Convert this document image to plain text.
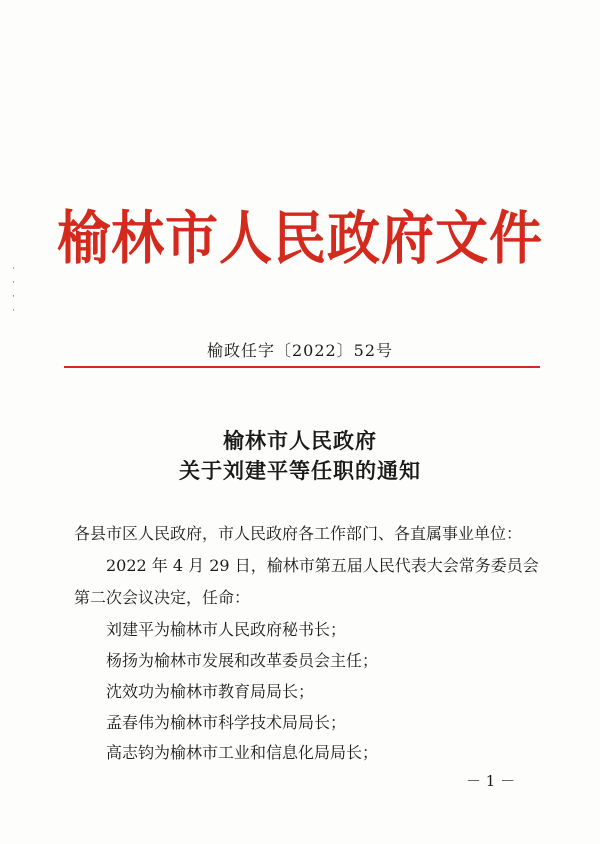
·
·
·
·
榆林市人民政府文件
榆政任字〔2022〕52号
榆林市人民政府
关于刘建平等任职的通知
各县市区人民政府，市人民政府各工作部门、各直属事业单位：
2022 年 4 月 29 日，榆林市第五届人民代表大会常务委员会
第二次会议决定，任命：
刘建平为榆林市人民政府秘书长；
杨扬为榆林市发展和改革委员会主任；
沈效功为榆林市教育局局长；
孟春伟为榆林市科学技术局局长；
高志钧为榆林市工业和信息化局局长；
－ 1 －
